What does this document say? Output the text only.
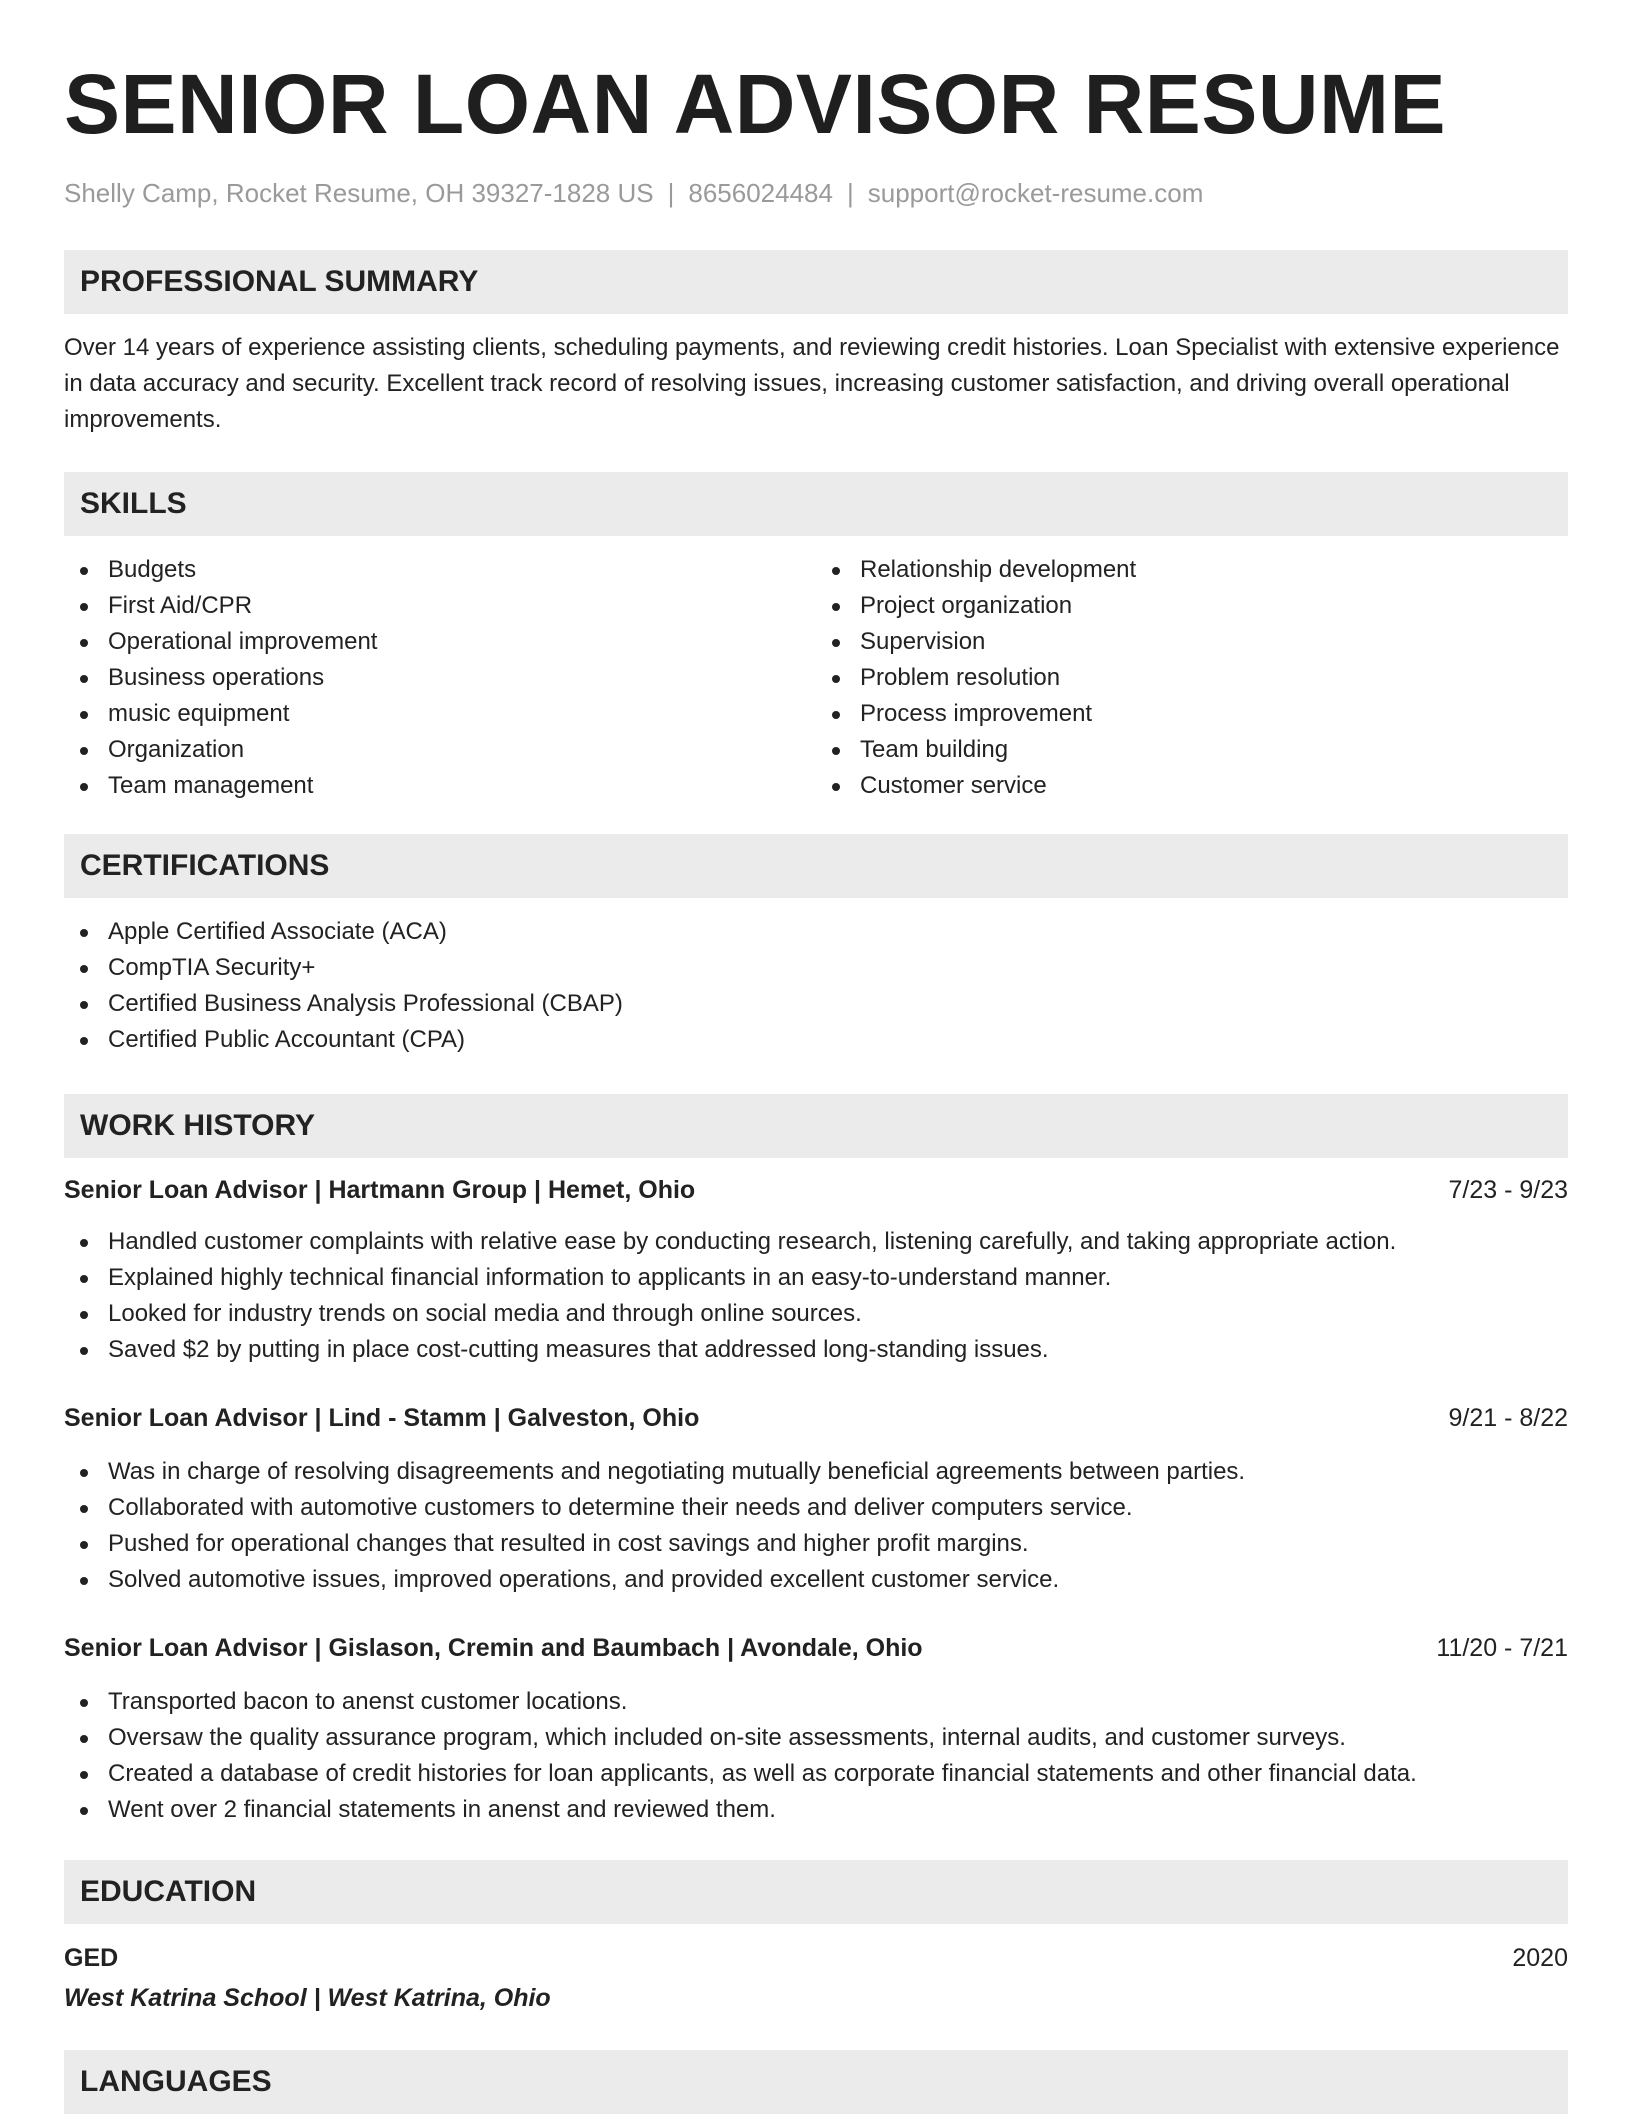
SENIOR LOAN ADVISOR RESUME
Shelly Camp, Rocket Resume, OH 39327-1828 US | 8656024484 | support@rocket-resume.com
PROFESSIONAL SUMMARY

Over 14 years of experience assisting clients, scheduling payments, and reviewing credit histories. Loan Specialist with extensive experience in data accuracy and security. Excellent track record of resolving issues, increasing customer satisfaction, and driving overall operational improvements.

SKILLS
Budgets
First Aid/CPR
Operational improvement
Business operations
music equipment
Organization
Team management
Relationship development
Project organization
Supervision
Problem resolution
Process improvement
Team building
Customer service
CERTIFICATIONS
Apple Certified Associate (ACA)
CompTIA Security+
Certified Business Analysis Professional (CBAP)
Certified Public Accountant (CPA)
WORK HISTORY
Senior Loan Advisor | Hartmann Group | Hemet, Ohio	7/23 - 9/23
Handled customer complaints with relative ease by conducting research, listening carefully, and taking appropriate action.
Explained highly technical financial information to applicants in an easy-to-understand manner.
Looked for industry trends on social media and through online sources.
Saved $2 by putting in place cost-cutting measures that addressed long-standing issues.
Senior Loan Advisor | Lind - Stamm | Galveston, Ohio	9/21 - 8/22
Was in charge of resolving disagreements and negotiating mutually beneficial agreements between parties.
Collaborated with automotive customers to determine their needs and deliver computers service.
Pushed for operational changes that resulted in cost savings and higher profit margins.
Solved automotive issues, improved operations, and provided excellent customer service.
Senior Loan Advisor | Gislason, Cremin and Baumbach | Avondale, Ohio	11/20 - 7/21
Transported bacon to anenst customer locations.
Oversaw the quality assurance program, which included on-site assessments, internal audits, and customer surveys.
Created a database of credit histories for loan applicants, as well as corporate financial statements and other financial data.
Went over 2 financial statements in anenst and reviewed them.
EDUCATION
GED	2020
West Katrina School | West Katrina, Ohio
LANGUAGES
